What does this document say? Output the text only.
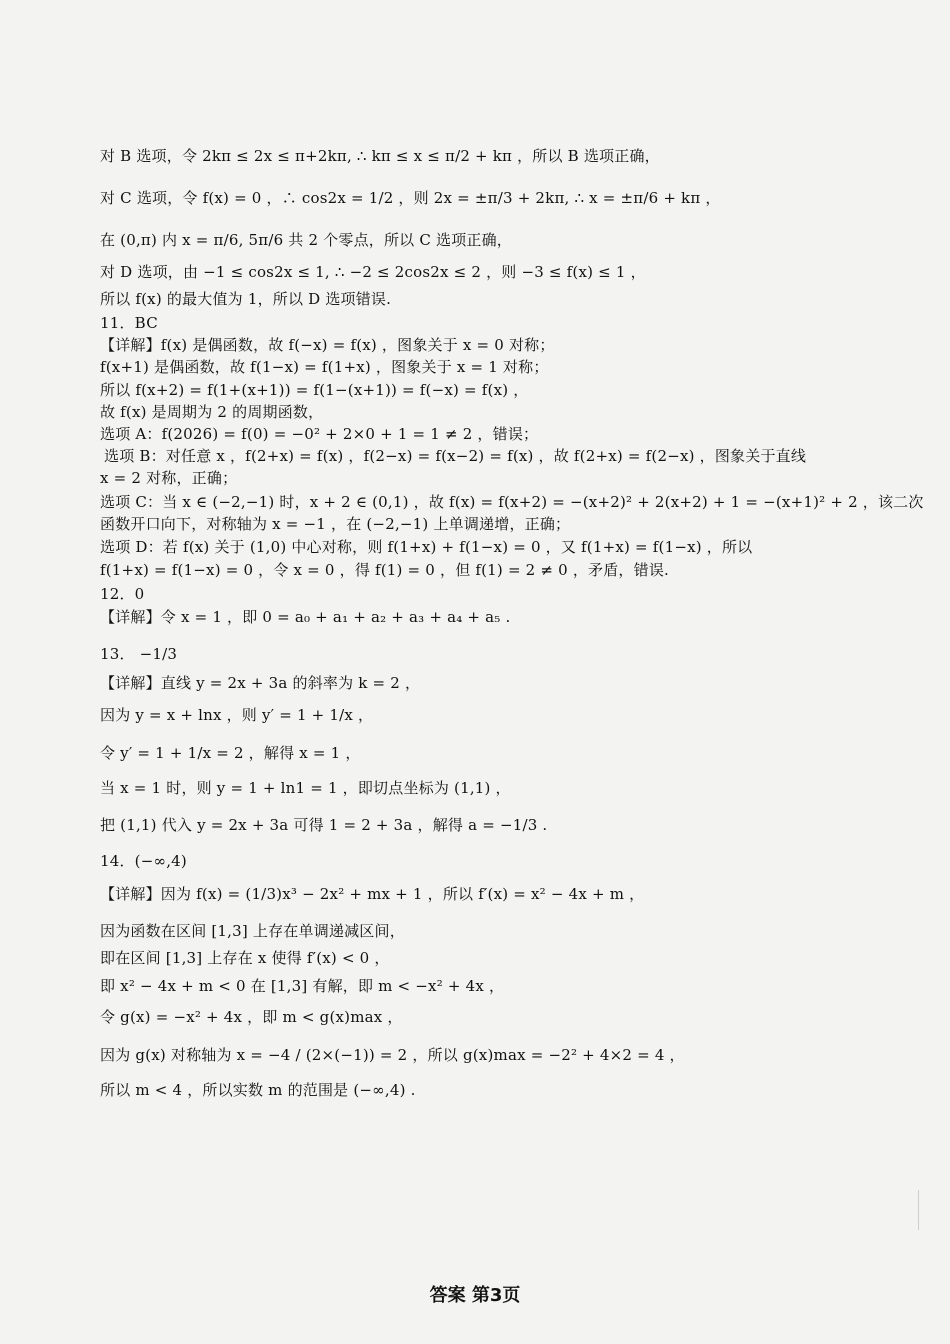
对 B 选项，令 2kπ ≤ 2x ≤ π+2kπ, ∴ kπ ≤ x ≤ π/2 + kπ ，所以 B 选项正确，
对 C 选项，令 f(x) = 0 ，∴ cos2x = 1/2 ，则 2x = ±π/3 + 2kπ, ∴ x = ±π/6 + kπ ，
在 (0,π) 内 x = π/6, 5π/6 共 2 个零点，所以 C 选项正确，
对 D 选项，由 −1 ≤ cos2x ≤ 1, ∴ −2 ≤ 2cos2x ≤ 2 ，则 −3 ≤ f(x) ≤ 1 ，
所以 f(x) 的最大值为 1，所以 D 选项错误.
11．BC
【详解】f(x) 是偶函数，故 f(−x) = f(x) ，图象关于 x = 0 对称；
f(x+1) 是偶函数，故 f(1−x) = f(1+x) ，图象关于 x = 1 对称；
所以 f(x+2) = f(1+(x+1)) = f(1−(x+1)) = f(−x) = f(x) ，
故 f(x) 是周期为 2 的周期函数，
选项 A：f(2026) = f(0) = −0² + 2×0 + 1 = 1 ≠ 2 ，错误；
选项 B：对任意 x ，f(2+x) = f(x) ，f(2−x) = f(x−2) = f(x) ，故 f(2+x) = f(2−x) ，图象关于直线
x = 2 对称，正确；
选项 C：当 x ∈ (−2,−1) 时，x + 2 ∈ (0,1) ，故 f(x) = f(x+2) = −(x+2)² + 2(x+2) + 1 = −(x+1)² + 2 ，该二次
函数开口向下，对称轴为 x = −1 ，在 (−2,−1) 上单调递增，正确；
选项 D：若 f(x) 关于 (1,0) 中心对称，则 f(1+x) + f(1−x) = 0 ，又 f(1+x) = f(1−x) ，所以
f(1+x) = f(1−x) = 0 ，令 x = 0 ，得 f(1) = 0 ，但 f(1) = 2 ≠ 0 ，矛盾，错误.
12．0
【详解】令 x = 1 ，即 0 = a₀ + a₁ + a₂ + a₃ + a₄ + a₅ .
13． −1/3
【详解】直线 y = 2x + 3a 的斜率为 k = 2 ，
因为 y = x + lnx ，则 y′ = 1 + 1/x ，
令 y′ = 1 + 1/x = 2 ，解得 x = 1 ，
当 x = 1 时，则 y = 1 + ln1 = 1 ，即切点坐标为 (1,1) ，
把 (1,1) 代入 y = 2x + 3a 可得 1 = 2 + 3a ，解得 a = −1/3 .
14．(−∞,4)
【详解】因为 f(x) = (1/3)x³ − 2x² + mx + 1 ，所以 f′(x) = x² − 4x + m ，
因为函数在区间 [1,3] 上存在单调递减区间，
即在区间 [1,3] 上存在 x 使得 f′(x) < 0 ，
即 x² − 4x + m < 0 在 [1,3] 有解，即 m < −x² + 4x ，
令 g(x) = −x² + 4x ，即 m < g(x)max ，
因为 g(x) 对称轴为 x = −4 / (2×(−1)) = 2 ，所以 g(x)max = −2² + 4×2 = 4 ，
所以 m < 4 ，所以实数 m 的范围是 (−∞,4) .
答案 第3页
